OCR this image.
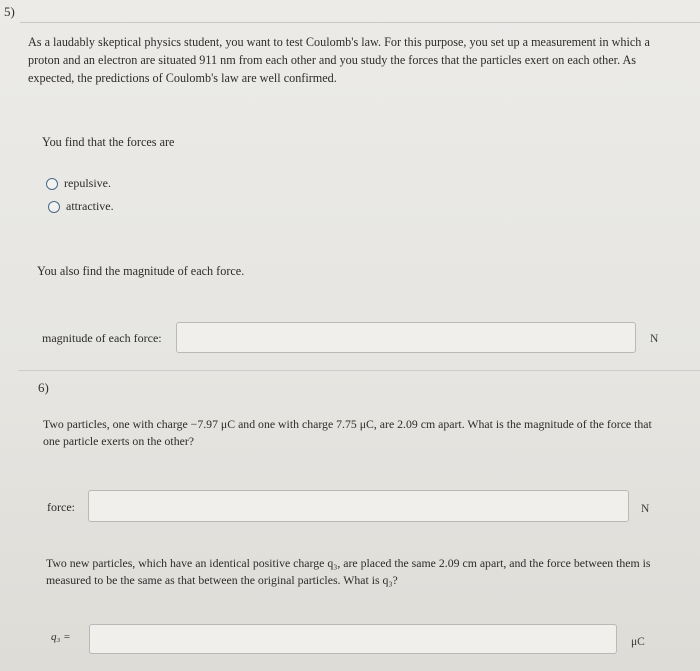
5)
As a laudably skeptical physics student, you want to test Coulomb's law. For this purpose, you set up a measurement in which a proton and an electron are situated 911 nm from each other and you study the forces that the particles exert on each other. As expected, the predictions of Coulomb's law are well confirmed.
You find that the forces are
repulsive.
attractive.
You also find the magnitude of each force.
magnitude of each force:	N
6)
Two particles, one with charge −7.97 μC and one with charge 7.75 μC, are 2.09 cm apart. What is the magnitude of the force that one particle exerts on the other?
force:	N
Two new particles, which have an identical positive charge q₃, are placed the same 2.09 cm apart, and the force between them is measured to be the same as that between the original particles. What is q₃?
q₃ =	μC
